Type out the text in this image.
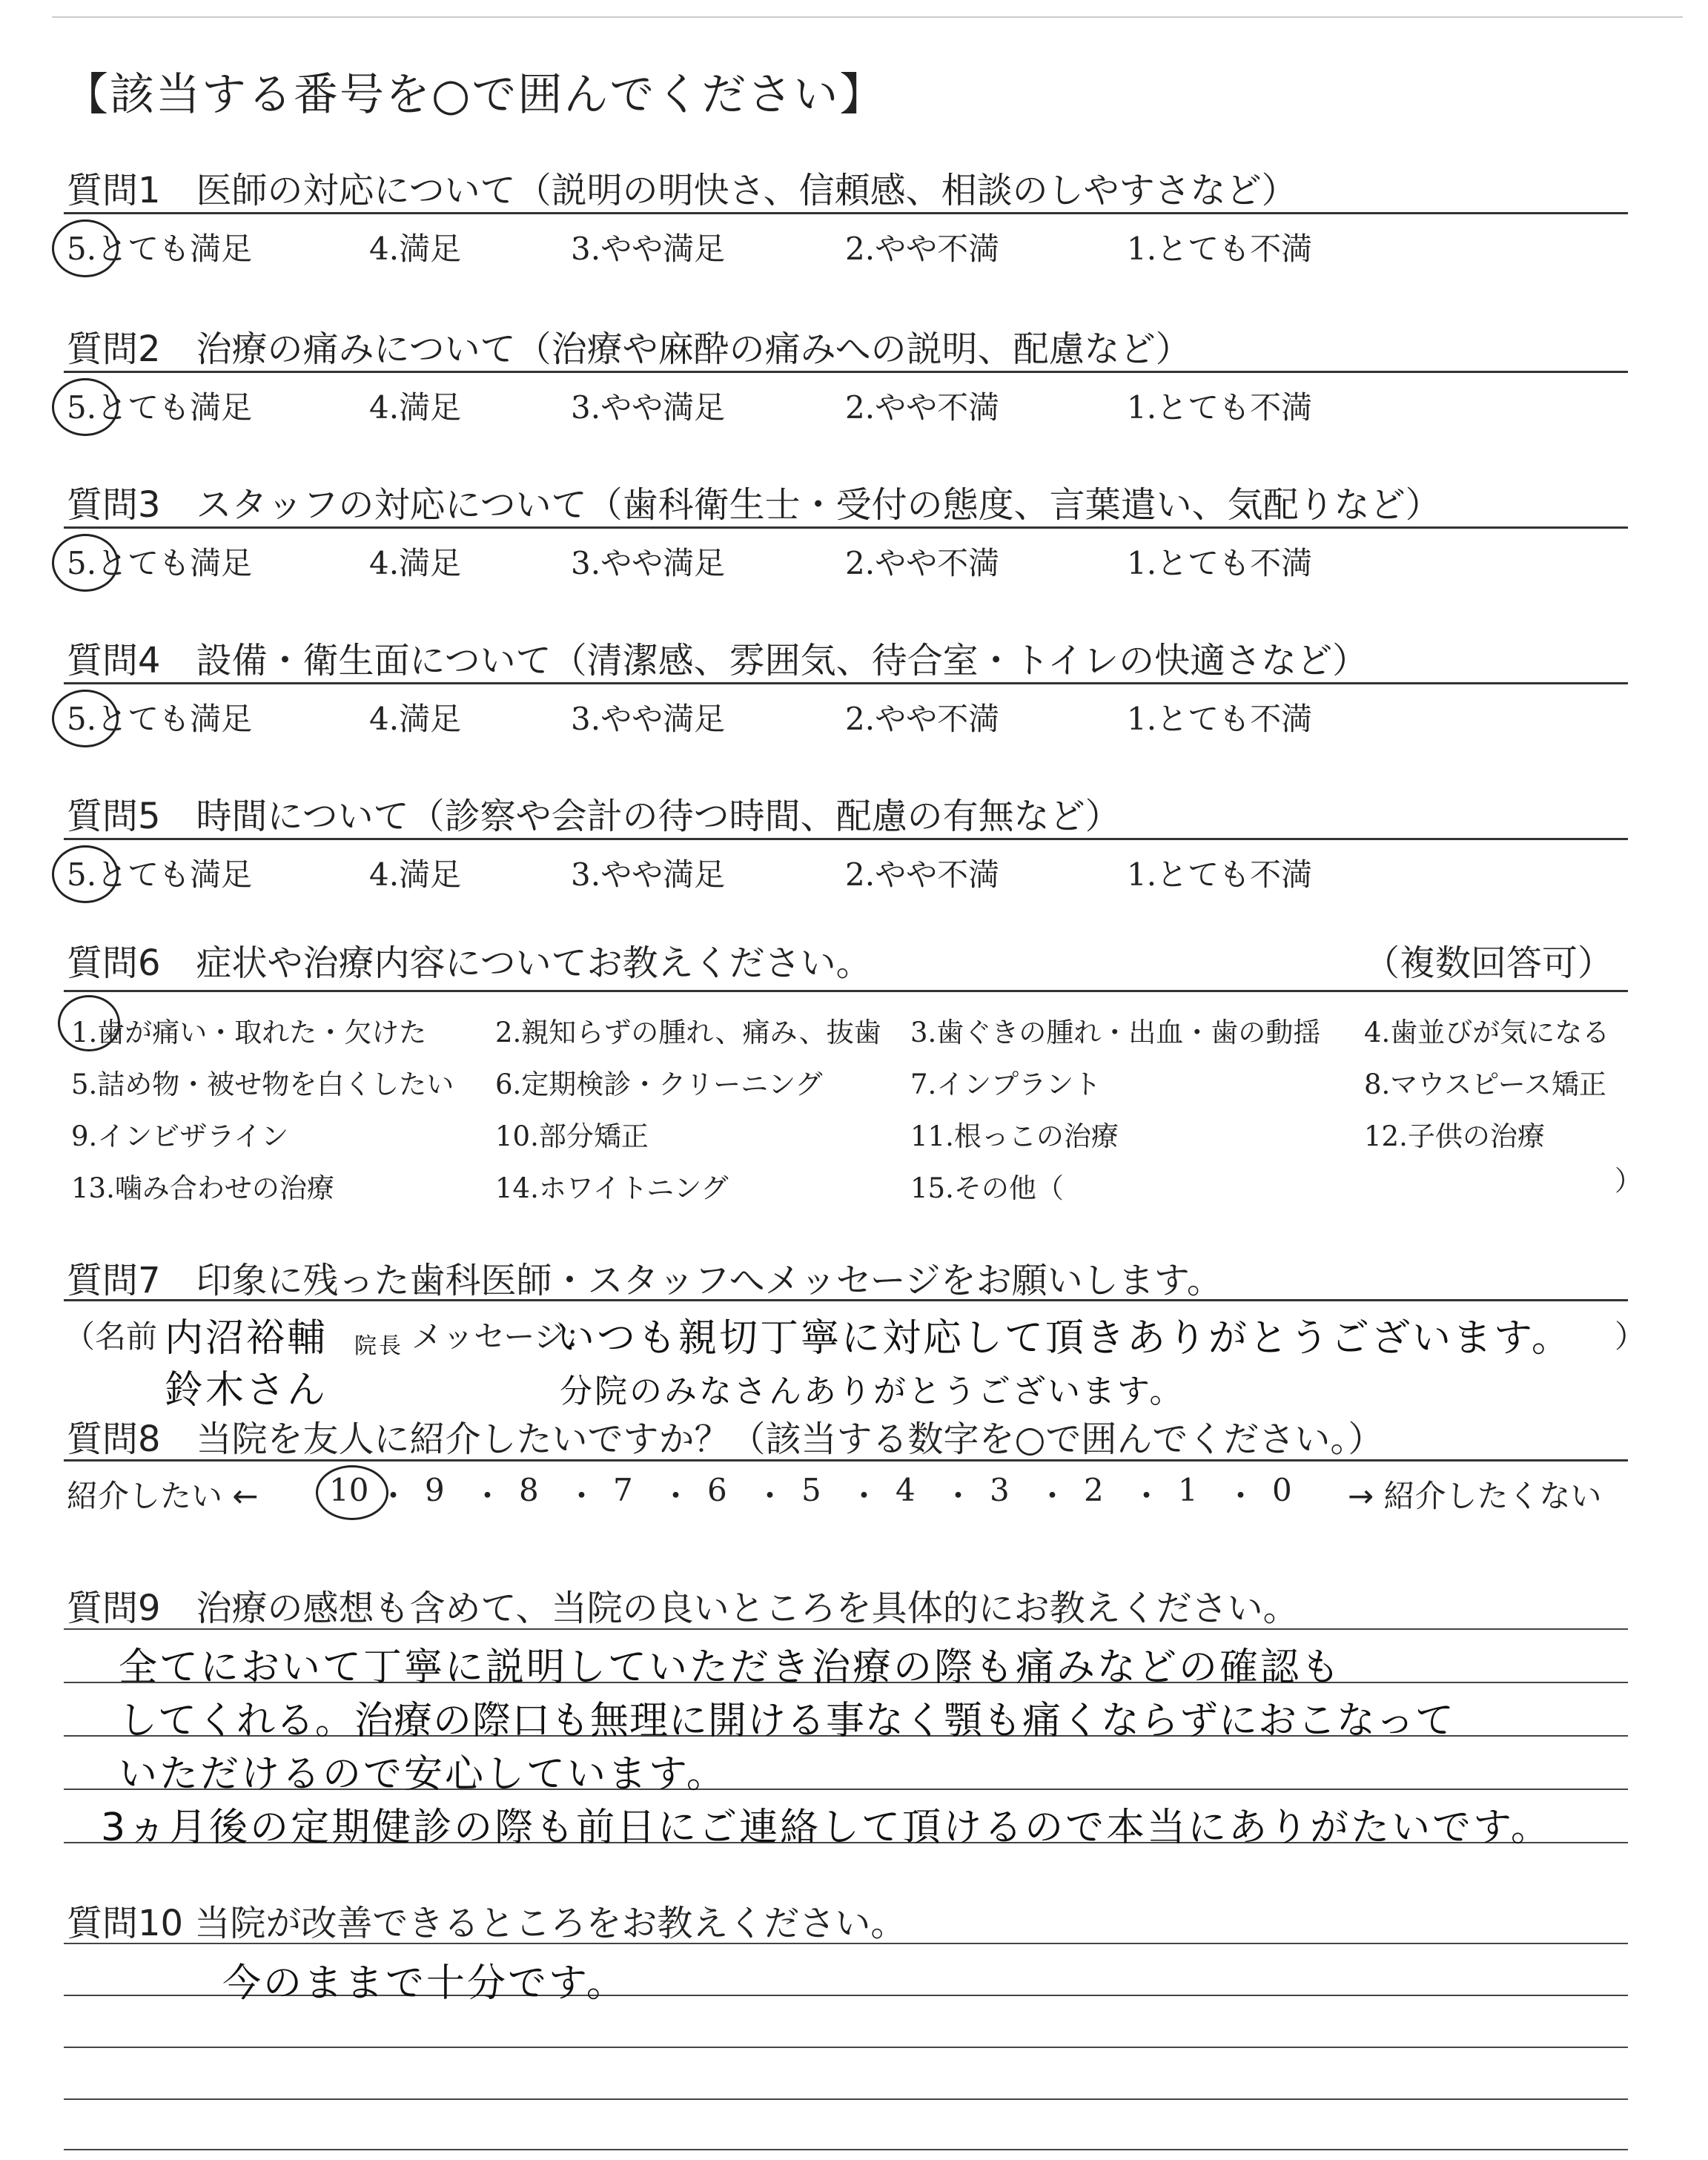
【該当する番号を○で囲んでください】
質問1　医師の対応について（説明の明快さ、信頼感、相談のしやすさなど）
5.とても満足	4.満足	3.やや満足	2.やや不満	1.とても不満
質問2　治療の痛みについて（治療や麻酔の痛みへの説明、配慮など）
5.とても満足	4.満足	3.やや満足	2.やや不満	1.とても不満
質問3　スタッフの対応について（歯科衛生士・受付の態度、言葉遣い、気配りなど）
5.とても満足	4.満足	3.やや満足	2.やや不満	1.とても不満
質問4　設備・衛生面について（清潔感、雰囲気、待合室・トイレの快適さなど）
5.とても満足	4.満足	3.やや満足	2.やや不満	1.とても不満
質問5　時間について（診察や会計の待つ時間、配慮の有無など）
5.とても満足	4.満足	3.やや満足	2.やや不満	1.とても不満
質問6　症状や治療内容についてお教えください。	（複数回答可）
1.歯が痛い・取れた・欠けた	2.親知らずの腫れ、痛み、抜歯 3.歯ぐきの腫れ・出血・歯の動揺 4.歯並びが気になる
5.詰め物・被せ物を白くしたい 6.定期検診・クリーニング	7.インプラント	8.マウスピース矯正
9.インビザライン	10.部分矯正	11.根っこの治療	12.子供の治療
13.噛み合わせの治療	14.ホワイトニング	15.その他（	）
質問7　印象に残った歯科医師・スタッフへメッセージをお願いします。
（名前 内沼裕輔 院長 メッセージ：
いつも親切丁寧に対応して頂きありがとうございます。 ）
鈴木さん	分院のみなさんありがとうございます。
質問8　当院を友人に紹介したいですか？（該当する数字を○で囲んでください。）
紹介したい ← 10 ・ 9 ・ 8 ・ 7 ・ 6 ・ 5 ・ 4 ・ 3 ・ 2 ・ 1 ・ 0 → 紹介したくない
質問9　治療の感想も含めて、当院の良いところを具体的にお教えください。
全てにおいて丁寧に説明していただき治療の際も痛みなどの確認も
してくれる。治療の際口も無理に開ける事なく顎も痛くならずにおこなって
いただけるので安心しています。
3ヵ月後の定期健診の際も前日にご連絡して頂けるので本当にありがたいです。
質問10 当院が改善できるところをお教えください。
今のままで十分です。
